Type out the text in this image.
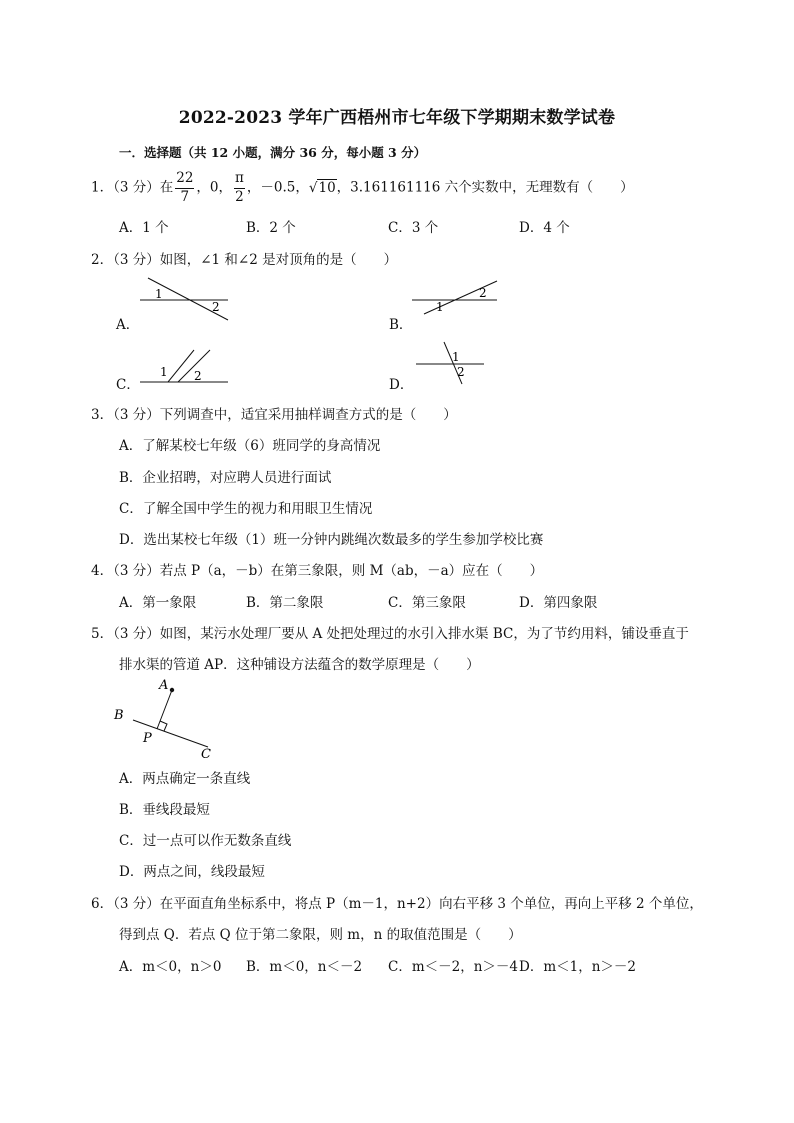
2022-2023 学年广西梧州市七年级下学期期末数学试卷
一．选择题（共 12 小题，满分 36 分，每小题 3 分）
1．（3 分）在 $\frac{22}{7}$ ，0， $\frac{\pi}{2}$ ，－0.5，√10，3.161161116 六个实数中，无理数有（　　）
A．1 个	B．2 个	C．3 个	D．4 个
2．（3 分）如图，∠1 和∠2 是对顶角的是（　　）
A．
1
2
B．
1
2
C．
1 2
D．
1
2
3．（3 分）下列调查中，适宜采用抽样调查方式的是（　　）
A．了解某校七年级（6）班同学的身高情况
B．企业招聘，对应聘人员进行面试
C．了解全国中学生的视力和用眼卫生情况
D．选出某校七年级（1）班一分钟内跳绳次数最多的学生参加学校比赛
4．（3 分）若点 P（a，－b）在第三象限，则 M（ab，－a）应在（　　）
A．第一象限	B．第二象限	C．第三象限	D．第四象限
5．（3 分）如图，某污水处理厂要从 A 处把处理过的水引入排水渠 BC，为了节约用料，铺设垂直于
排水渠的管道 AP．这种铺设方法蕴含的数学原理是（　　）
A
B
P
C
A．两点确定一条直线
B．垂线段最短
C．过一点可以作无数条直线
D．两点之间，线段最短
6．（3 分）在平面直角坐标系中，将点 P（m－1，n+2）向右平移 3 个单位，再向上平移 2 个单位，
得到点 Q．若点 Q 位于第二象限，则 m，n 的取值范围是（　　）
A．m＜0，n＞0 B．m＜0，n＜－2 C．m＜－2，n＞－4 D．m＜1，n＞－2
